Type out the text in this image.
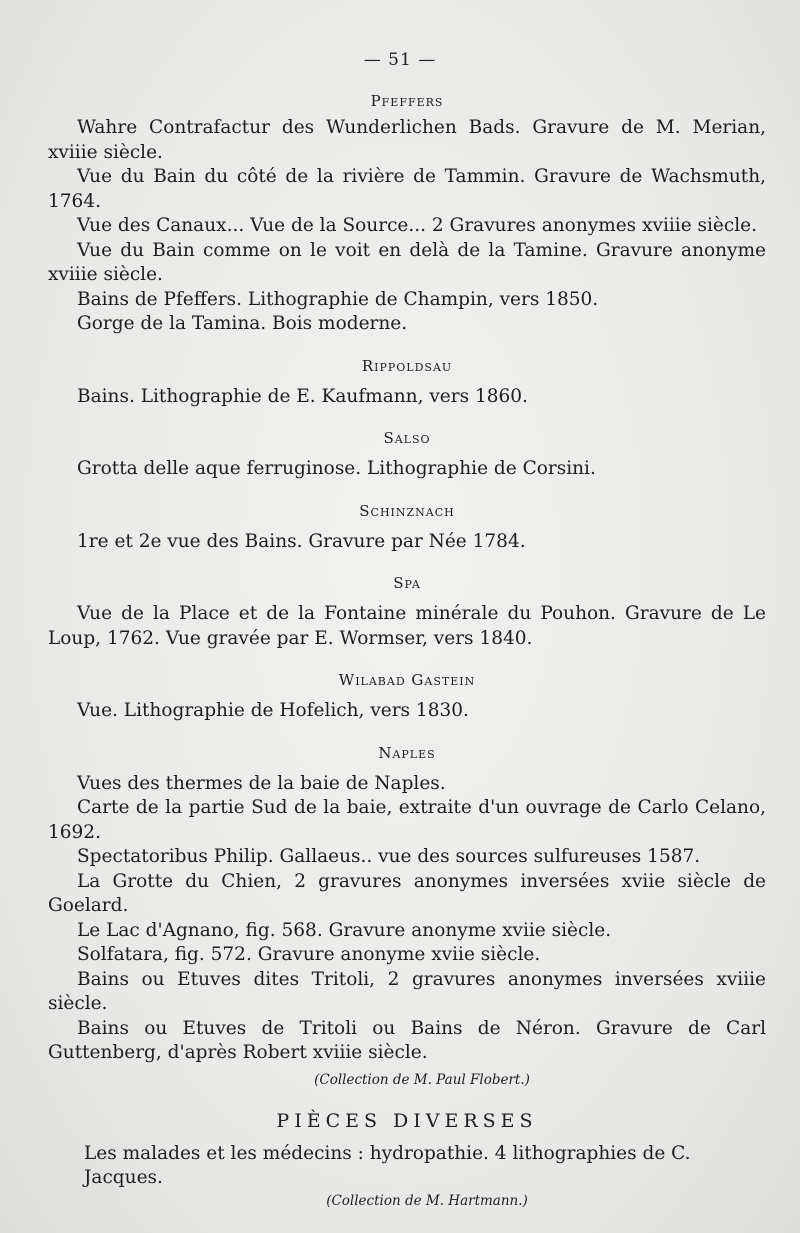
— 51 —

Pfeffers

Wahre Contrafactur des Wunderlichen Bads. Gravure de M. Merian, xviiie siècle.

Vue du Bain du côté de la rivière de Tammin. Gravure de Wachsmuth, 1764.

Vue des Canaux... Vue de la Source... 2 Gravures anonymes xviiie siècle.

Vue du Bain comme on le voit en delà de la Tamine. Gravure anonyme xviiie siècle.

Bains de Pfeffers. Lithographie de Champin, vers 1850.

Gorge de la Tamina. Bois moderne.

Rippoldsau

Bains. Lithographie de E. Kaufmann, vers 1860.

Salso

Grotta delle aque ferruginose. Lithographie de Corsini.

Schinznach

1re et 2e vue des Bains. Gravure par Née 1784.

Spa

Vue de la Place et de la Fontaine minérale du Pouhon. Gravure de Le Loup, 1762. Vue gravée par E. Wormser, vers 1840.

Wilabad Gastein

Vue. Lithographie de Hofelich, vers 1830.

Naples

Vues des thermes de la baie de Naples.

Carte de la partie Sud de la baie, extraite d'un ouvrage de Carlo Celano, 1692.

Spectatoribus Philip. Gallaeus.. vue des sources sulfureuses 1587.

La Grotte du Chien, 2 gravures anonymes inversées xviie siècle de Goelard.

Le Lac d'Agnano, fig. 568. Gravure anonyme xviie siècle.

Solfatara, fig. 572. Gravure anonyme xviie siècle.

Bains ou Etuves dites Tritoli, 2 gravures anonymes inversées xviiie siècle.

Bains ou Etuves de Tritoli ou Bains de Néron. Gravure de Carl Guttenberg, d'après Robert xviiie siècle.

(Collection de M. Paul Flobert.)

PIÈCES DIVERSES

Les malades et les médecins : hydropathie. 4 lithographies de C. Jacques.

(Collection de M. Hartmann.)
